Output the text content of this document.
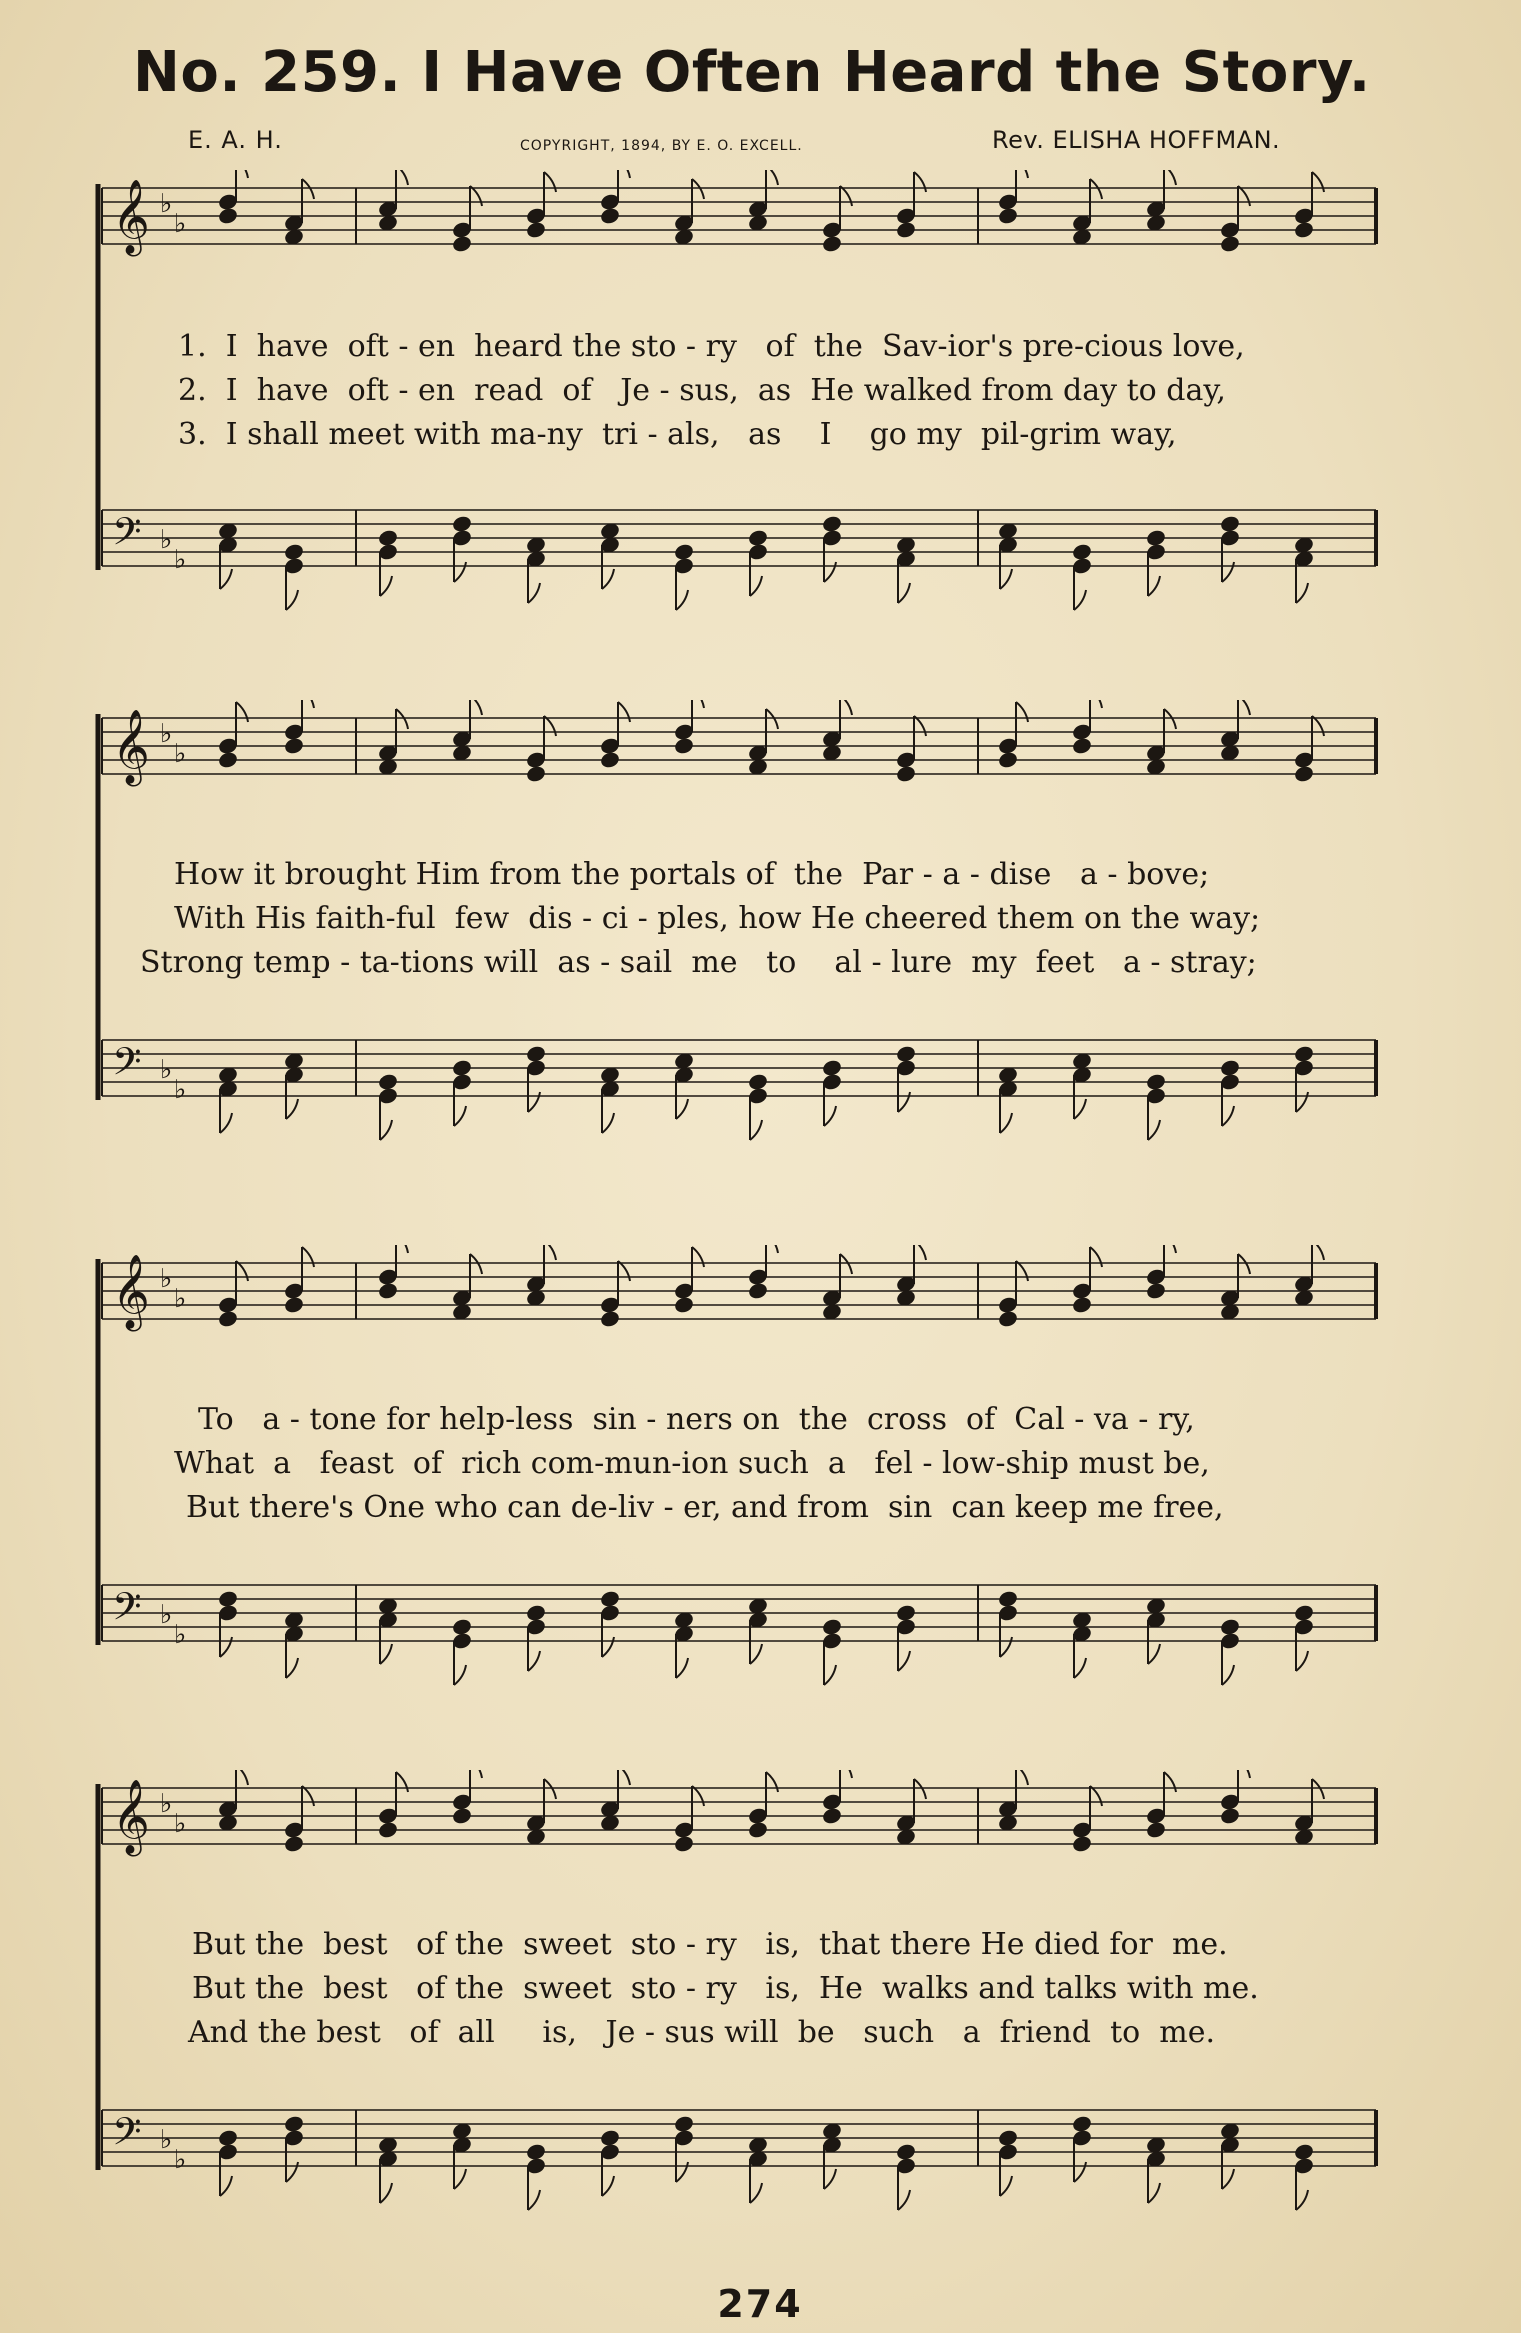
No. 259. I Have Often Heard the Story.
E. A. H.	COPYRIGHT, 1894, BY E. O. EXCELL.	Rev. ELISHA HOFFMAN.
𝄞 ♭
♭
𝄢 ♭
♭
1.  I  have  oft - en  heard the sto - ry   of  the  Sav-ior's pre-cious love,
2.  I  have  oft - en  read  of   Je - sus,  as  He walked from day to day,
3.  I shall meet with ma-ny  tri - als,   as    I    go my  pil-grim way,
𝄞 ♭
♭
𝄢 ♭
♭
How it brought Him from the portals of  the  Par - a - dise   a - bove;
With His faith-ful  few  dis - ci - ples, how He cheered them on the way;
Strong temp - ta-tions will  as - sail  me   to    al - lure  my  feet   a - stray;
𝄞 ♭
♭
𝄢 ♭
♭
To   a - tone for help-less  sin - ners on  the  cross  of  Cal - va - ry,
What  a   feast  of  rich com-mun-ion such  a   fel - low-ship must be,
But there's One who can de-liv - er, and from  sin  can keep me free,
𝄞 ♭
♭
𝄢 ♭
♭
But the  best   of the  sweet  sto - ry   is,  that there He died for  me.
But the  best   of the  sweet  sto - ry   is,  He  walks and talks with me.
And the best   of  all     is,   Je - sus will  be   such   a  friend  to  me.
274
